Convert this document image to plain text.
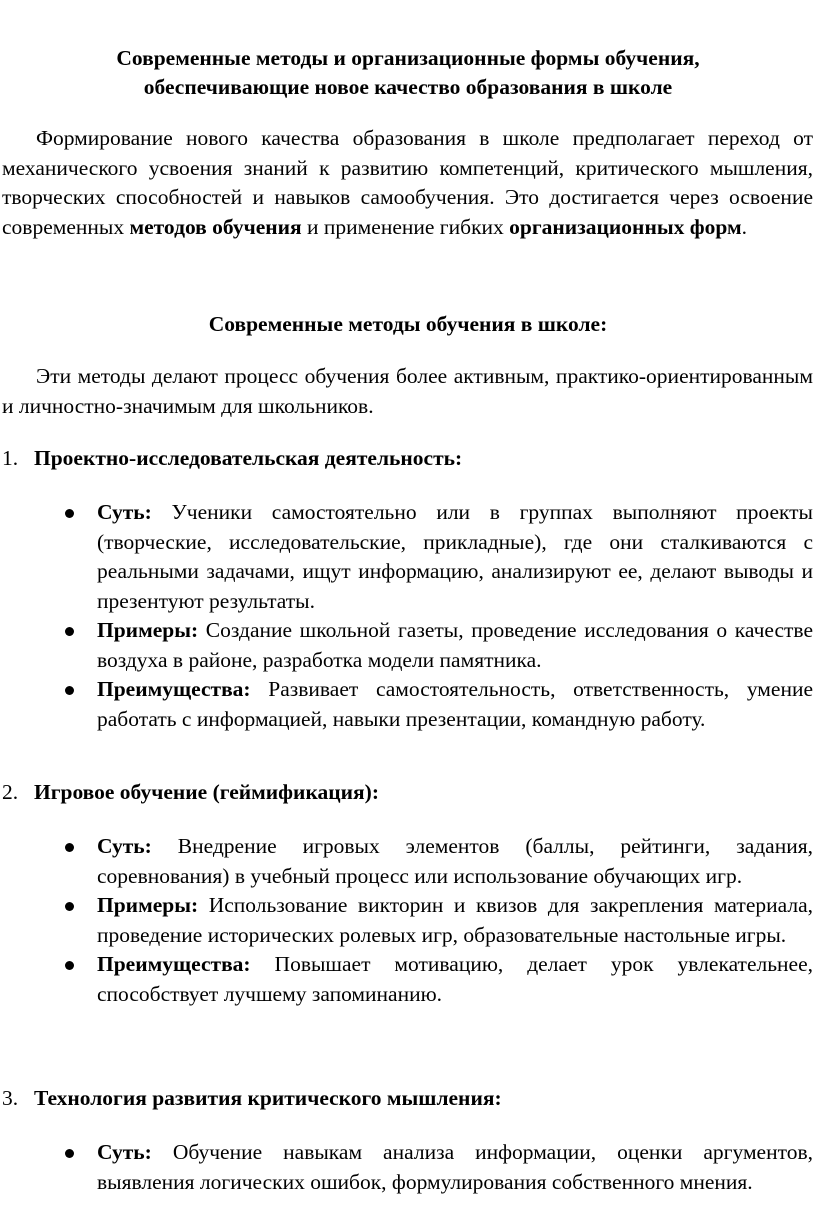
Современные методы и организационные формы обучения,
обеспечивающие новое качество образования в школе
Формирование нового качества образования в школе предполагает переход от механического усвоения знаний к развитию компетенций, критического мышления, творческих способностей и навыков самообучения. Это достигается через освоение современных методов обучения и применение гибких организационных форм.
Современные методы обучения в школе:
Эти методы делают процесс обучения более активным, практико-ориентированным и личностно-значимым для школьников.
1. Проектно-исследовательская деятельность:
Суть: Ученики самостоятельно или в группах выполняют проекты (творческие, исследовательские, прикладные), где они сталкиваются с реальными задачами, ищут информацию, анализируют ее, делают выводы и презентуют результаты.
Примеры: Создание школьной газеты, проведение исследования о качестве воздуха в районе, разработка модели памятника.
Преимущества: Развивает самостоятельность, ответственность, умение работать с информацией, навыки презентации, командную работу.
2. Игровое обучение (геймификация):
Суть: Внедрение игровых элементов (баллы, рейтинги, задания, соревнования) в учебный процесс или использование обучающих игр.
Примеры: Использование викторин и квизов для закрепления материала, проведение исторических ролевых игр, образовательные настольные игры.
Преимущества: Повышает мотивацию, делает урок увлекательнее, способствует лучшему запоминанию.
3. Технология развития критического мышления:
Суть: Обучение навыкам анализа информации, оценки аргументов, выявления логических ошибок, формулирования собственного мнения.
